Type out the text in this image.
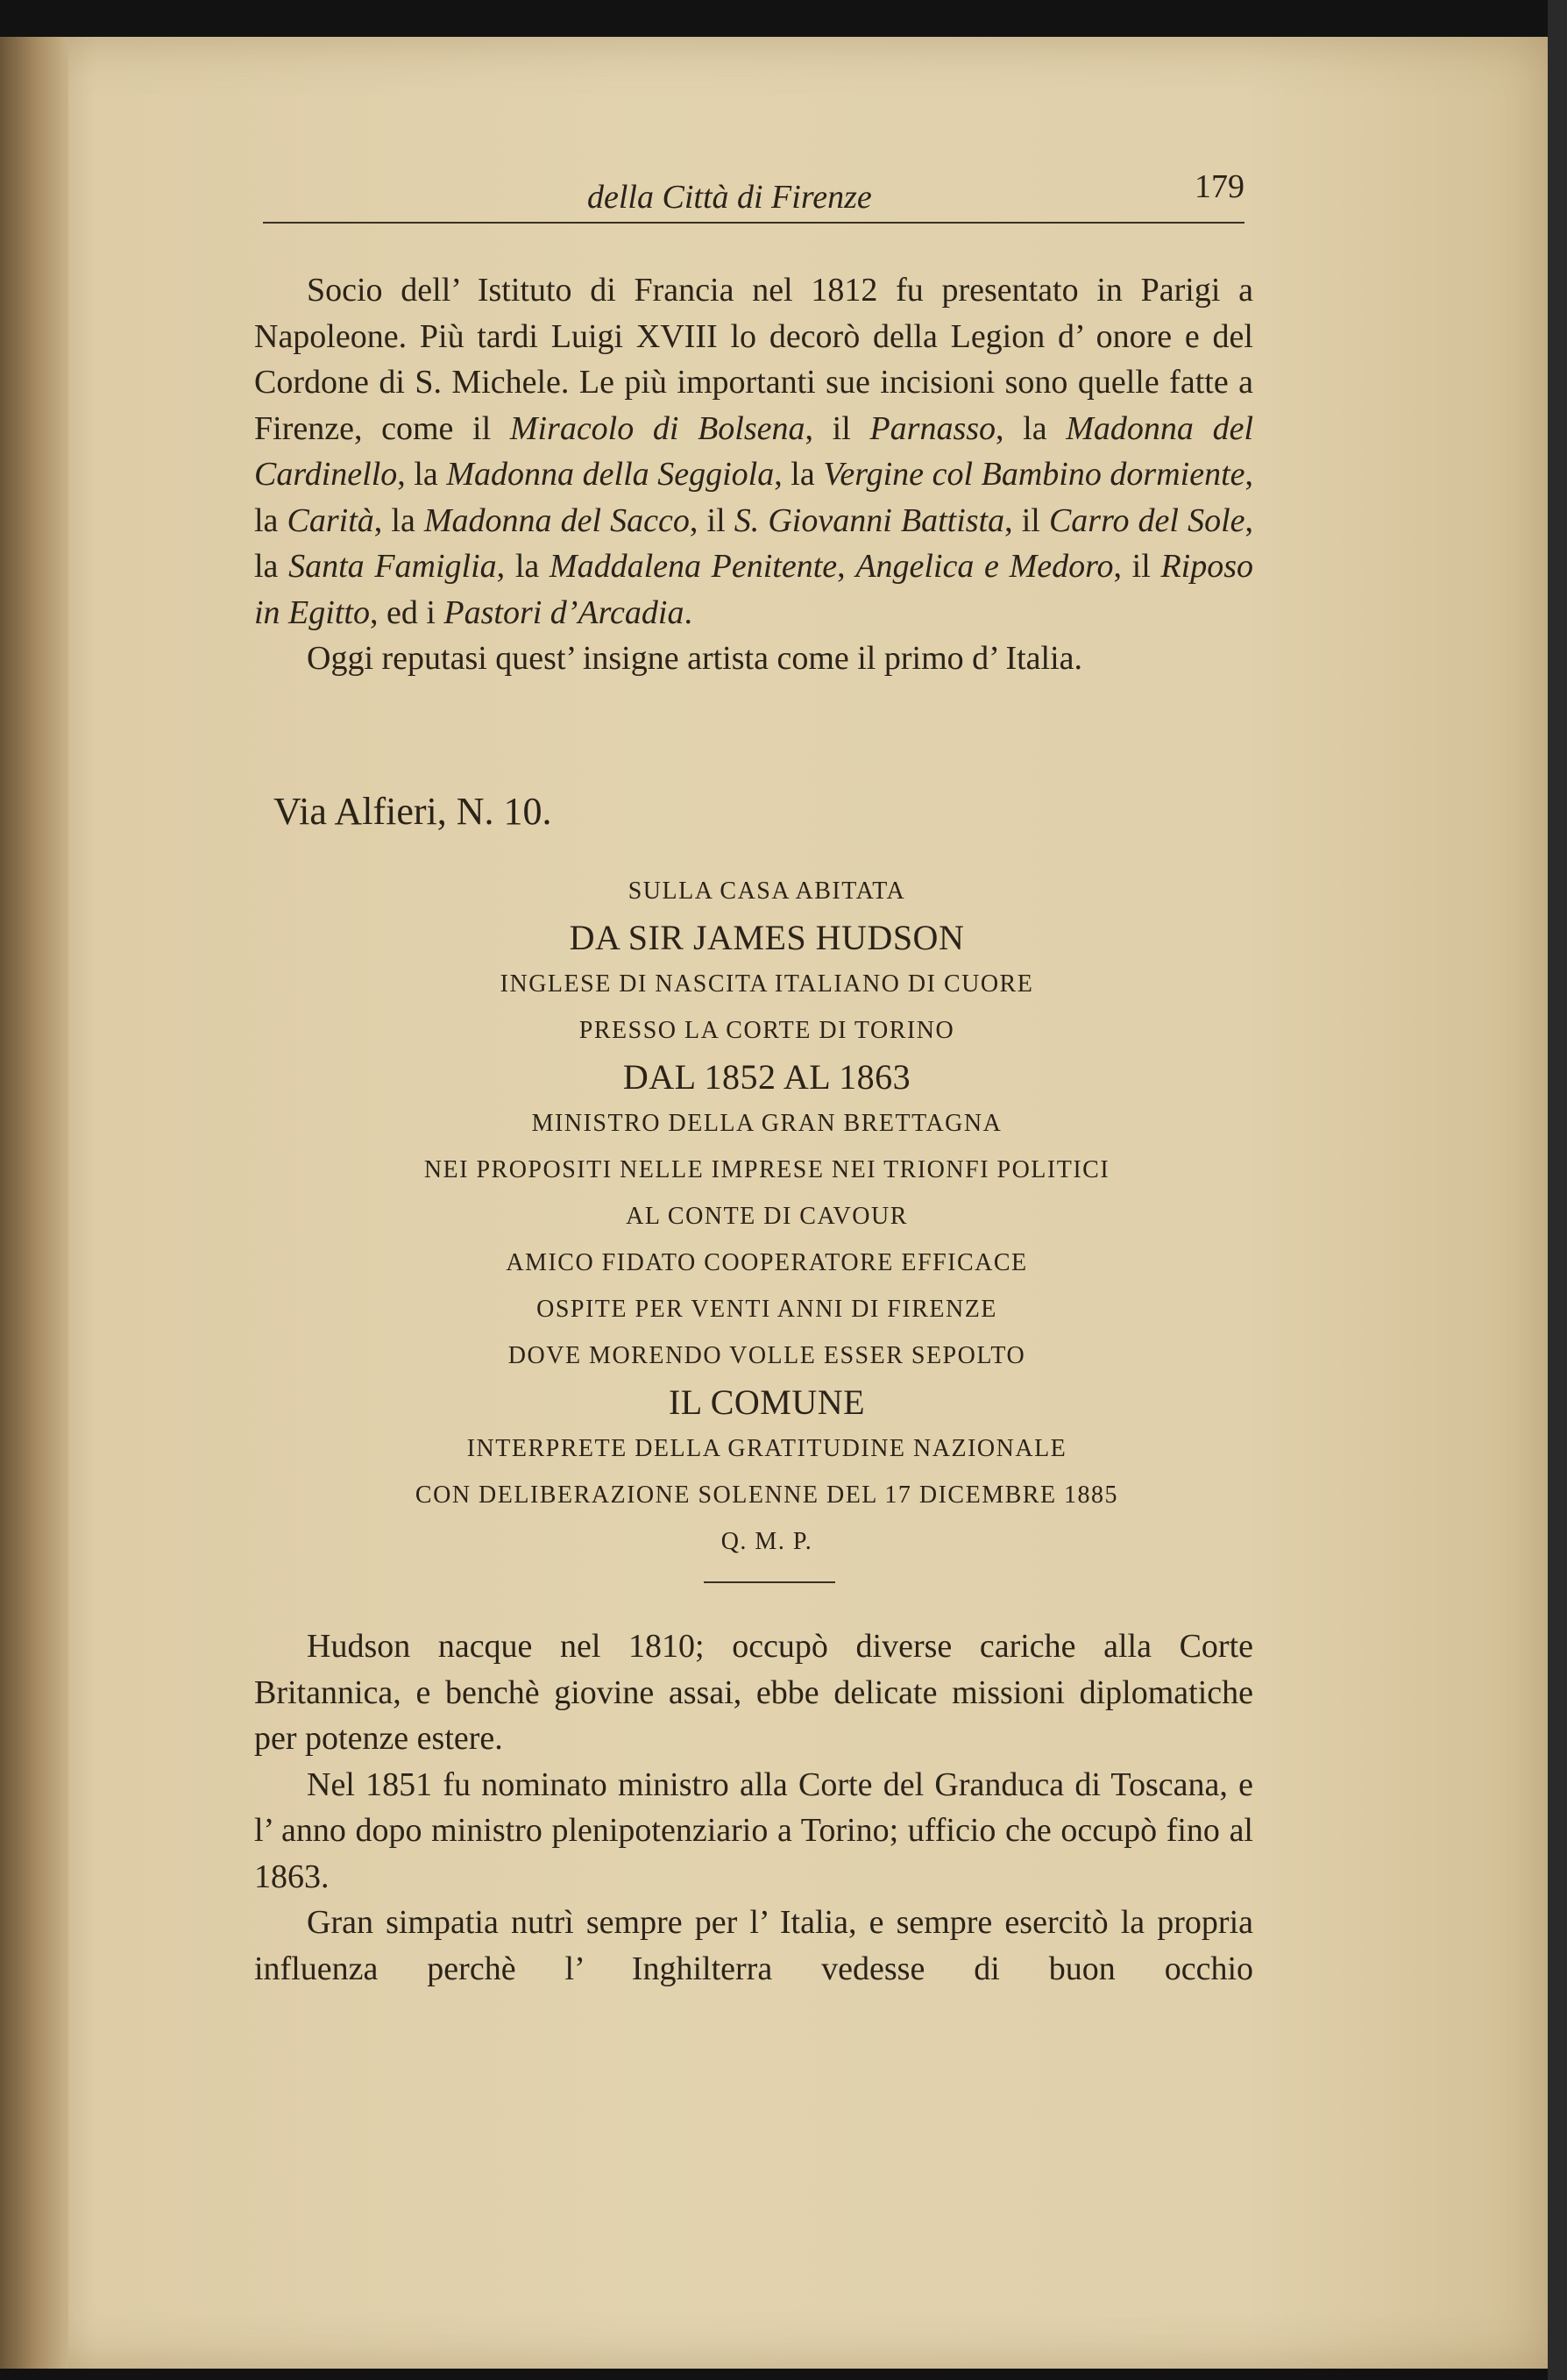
della Città di Firenze	179

Socio dell’ Istituto di Francia nel 1812 fu presentato in Parigi a Napoleone. Più tardi Luigi XVIII lo decorò della Legion d’ onore e del Cordone di S. Michele. Le più importanti sue incisioni sono quelle fatte a Firenze, come il Miracolo di Bolsena, il Parnasso, la Madonna del Cardinello, la Madonna della Seggiola, la Vergine col Bambino dormiente, la Carità, la Madonna del Sacco, il S. Giovanni Battista, il Carro del Sole, la Santa Famiglia, la Maddalena Penitente, Angelica e Medoro, il Riposo in Egitto, ed i Pastori d’Arcadia.

Oggi reputasi quest’ insigne artista come il primo d’ Italia.

Via Alfieri, N. 10.

SULLA CASA ABITATA
DA SIR JAMES HUDSON
INGLESE DI NASCITA ITALIANO DI CUORE
PRESSO LA CORTE DI TORINO
DAL 1852 AL 1863
MINISTRO DELLA GRAN BRETTAGNA
NEI PROPOSITI NELLE IMPRESE NEI TRIONFI POLITICI
AL CONTE DI CAVOUR
AMICO FIDATO COOPERATORE EFFICACE
OSPITE PER VENTI ANNI DI FIRENZE
DOVE MORENDO VOLLE ESSER SEPOLTO
IL COMUNE
INTERPRETE DELLA GRATITUDINE NAZIONALE
CON DELIBERAZIONE SOLENNE DEL 17 DICEMBRE 1885
Q. M. P.

Hudson nacque nel 1810; occupò diverse cariche alla Corte Britannica, e benchè giovine assai, ebbe delicate missioni diplomatiche per potenze estere.

Nel 1851 fu nominato ministro alla Corte del Granduca di Toscana, e l’ anno dopo ministro plenipotenziario a Torino; ufficio che occupò fino al 1863.

Gran simpatia nutrì sempre per l’ Italia, e sempre esercitò la propria influenza perchè l’ Inghilterra vedesse di buon occhio
